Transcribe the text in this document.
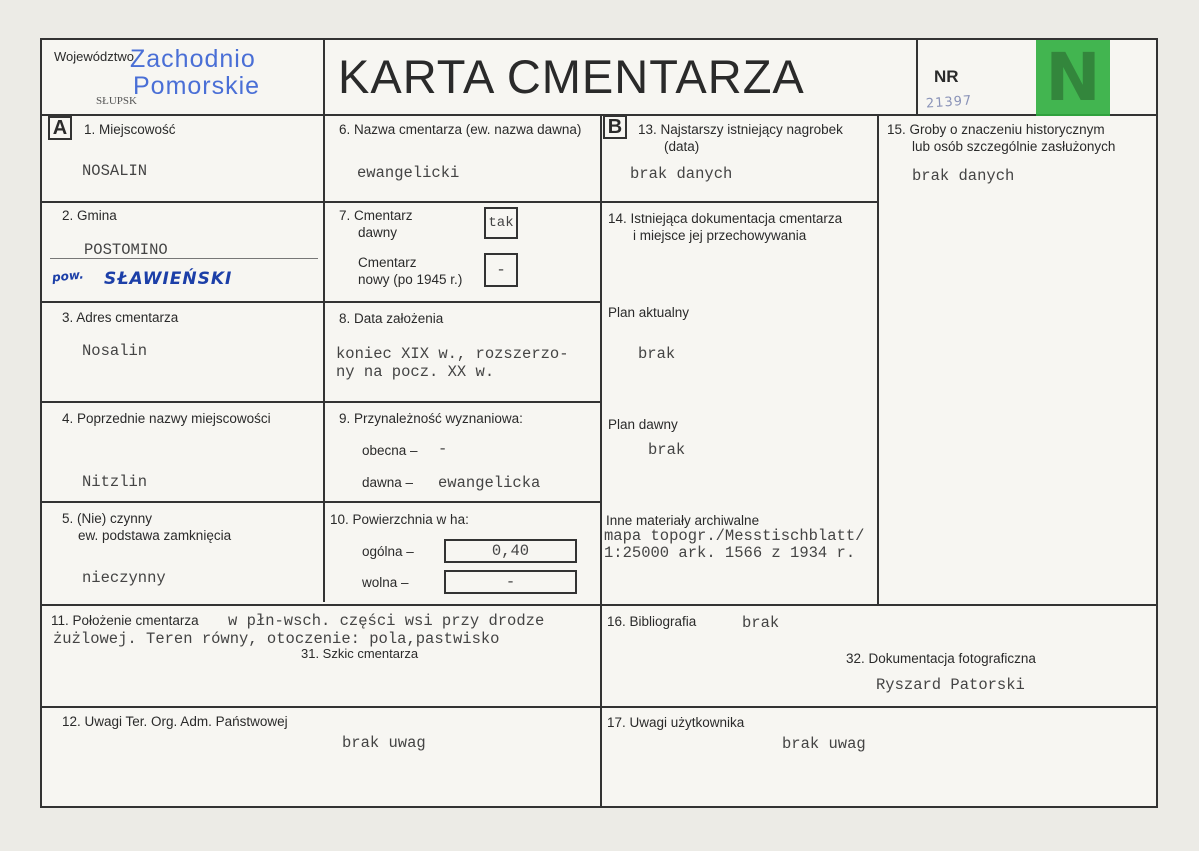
Województwo
Zachodnio
Pomorskie
SŁUPSK	KARTA CMENTARZA	NR
21397 N
A	1. Miejscowość
NOSALIN
6. Nazwa cmentarza (ew. nazwa dawna)
ewangelicki
B	13. Najstarszy istniejący nagrobek
(data)
brak danych
15. Groby o znaczeniu historycznym
lub osób szczególnie zasłużonych
brak danych
2. Gmina
POSTOMINO
pow. SŁAWIEŃSKI
7. Cmentarz
dawny
tak
Cmentarz
nowy (po 1945 r.)
-
14. Istniejąca dokumentacja cmentarza
i miejsce jej przechowywania
3. Adres cmentarza
Nosalin
8. Data założenia
koniec XIX w., rozszerzo-
ny na pocz. XX w.
Plan aktualny
brak
4. Poprzednie nazwy miejscowości
Nitzlin
9. Przynależność wyznaniowa:
obecna – -
dawna – ewangelicka
Plan dawny
brak
5. (Nie) czynny
ew. podstawa zamknięcia
nieczynny
10. Powierzchnia w ha:
ogólna –	0,40
wolna –	-
Inne materiały archiwalne
mapa topogr./Messtischblatt/
1:25000 ark. 1566 z 1934 r.
11. Położenie cmentarza w płn-wsch. części wsi przy drodze
żużlowej. Teren równy, otoczenie: pola,pastwisko
31. Szkic cmentarza
16. Bibliografia	brak
32. Dokumentacja fotograficzna
Ryszard Patorski
12. Uwagi Ter. Org. Adm. Państwowej
brak uwag
17. Uwagi użytkownika
brak uwag
